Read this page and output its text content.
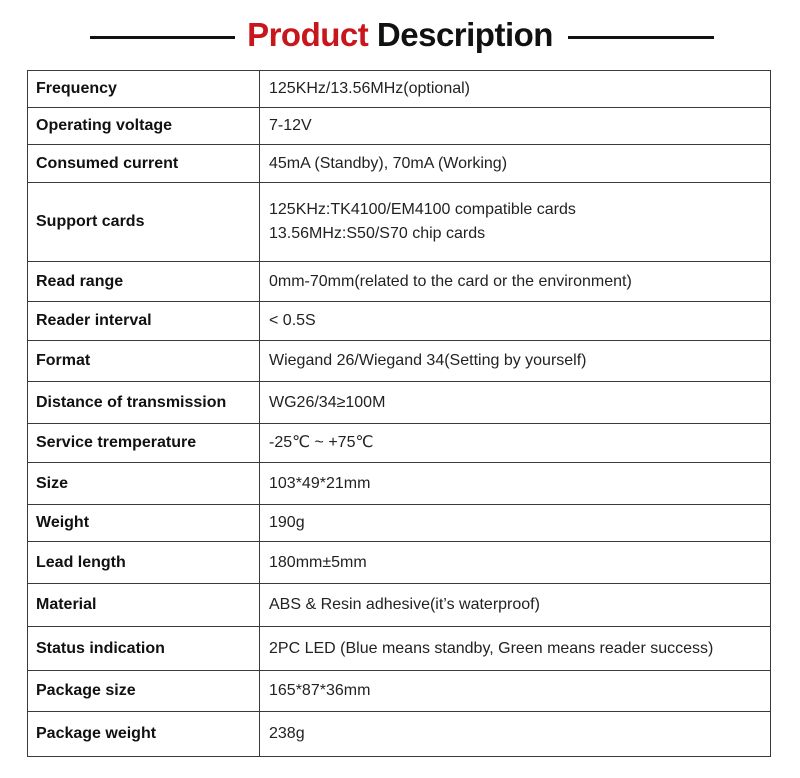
Product Description
Frequency	125KHz/13.56MHz(optional)
Operating voltage	7-12V
Consumed current	45mA (Standby), 70mA (Working)
Support cards	125KHz:TK4100/EM4100 compatible cards
13.56MHz:S50/S70 chip cards

Read range	0mm-70mm(related to the card or the environment)
Reader interval	< 0.5S
Format	Wiegand 26/Wiegand 34(Setting by yourself)
Distance of transmission	WG26/34≥100M
Service tremperature	-25℃ ~ +75℃
Size	103*49*21mm
Weight	190g
Lead length	180mm±5mm
Material	ABS & Resin adhesive(it’s waterproof)
Status indication	2PC LED (Blue means standby, Green means reader success)
Package size	165*87*36mm
Package weight	238g
